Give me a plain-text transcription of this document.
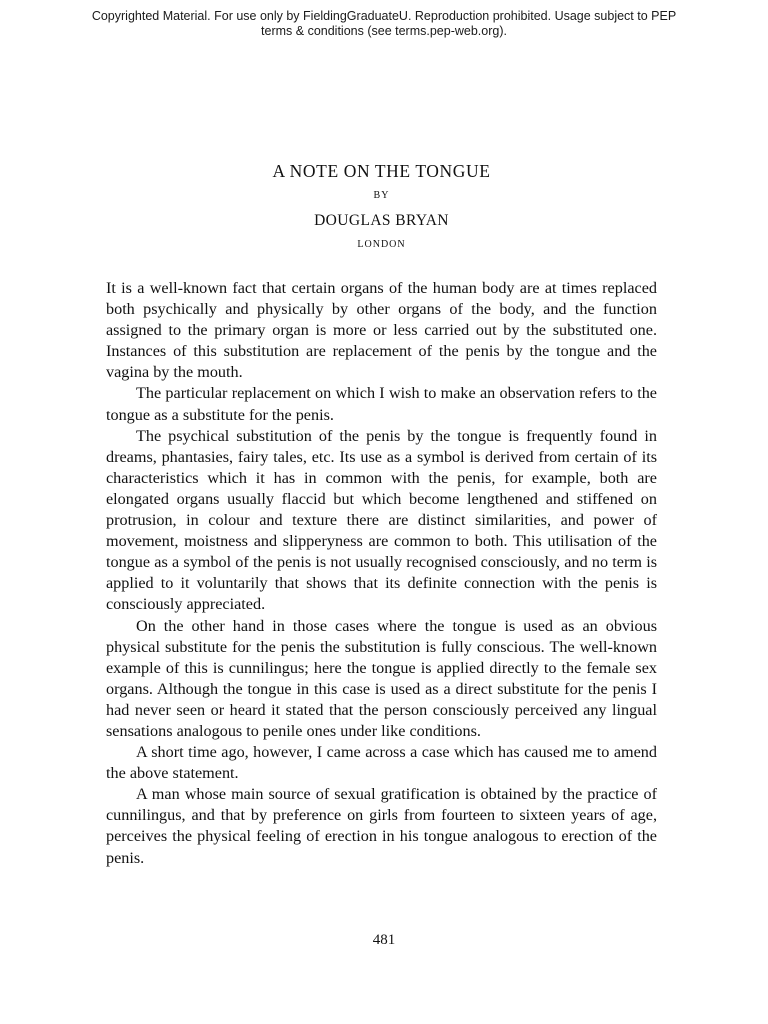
Copyrighted Material. For use only by FieldingGraduateU. Reproduction prohibited. Usage subject to PEP
terms & conditions (see terms.pep-web.org).
A NOTE ON THE TONGUE
BY
DOUGLAS BRYAN
LONDON

It is a well-known fact that certain organs of the human body are at times replaced both psychically and physically by other organs of the body, and the function assigned to the primary organ is more or less carried out by the substituted one. Instances of this substitution are replacement of the penis by the tongue and the vagina by the mouth.

The particular replacement on which I wish to make an observation refers to the tongue as a substitute for the penis.

The psychical substitution of the penis by the tongue is frequently found in dreams, phantasies, fairy tales, etc. Its use as a symbol is derived from certain of its characteristics which it has in common with the penis, for example, both are elongated organs usually flaccid but which become lengthened and stiffened on protrusion, in colour and texture there are distinct similarities, and power of movement, moistness and slipperyness are common to both. This utilisation of the tongue as a symbol of the penis is not usually recognised consciously, and no term is applied to it voluntarily that shows that its definite connection with the penis is consciously appreciated.

On the other hand in those cases where the tongue is used as an obvious physical substitute for the penis the substitution is fully conscious. The well-known example of this is cunnilingus; here the tongue is applied directly to the female sex organs. Although the tongue in this case is used as a direct substitute for the penis I had never seen or heard it stated that the person consciously perceived any lingual sensations analogous to penile ones under like conditions.

A short time ago, however, I came across a case which has caused me to amend the above statement.

A man whose main source of sexual gratification is obtained by the practice of cunnilingus, and that by preference on girls from fourteen to sixteen years of age, perceives the physical feeling of erection in his tongue analogous to erection of the penis.

481
